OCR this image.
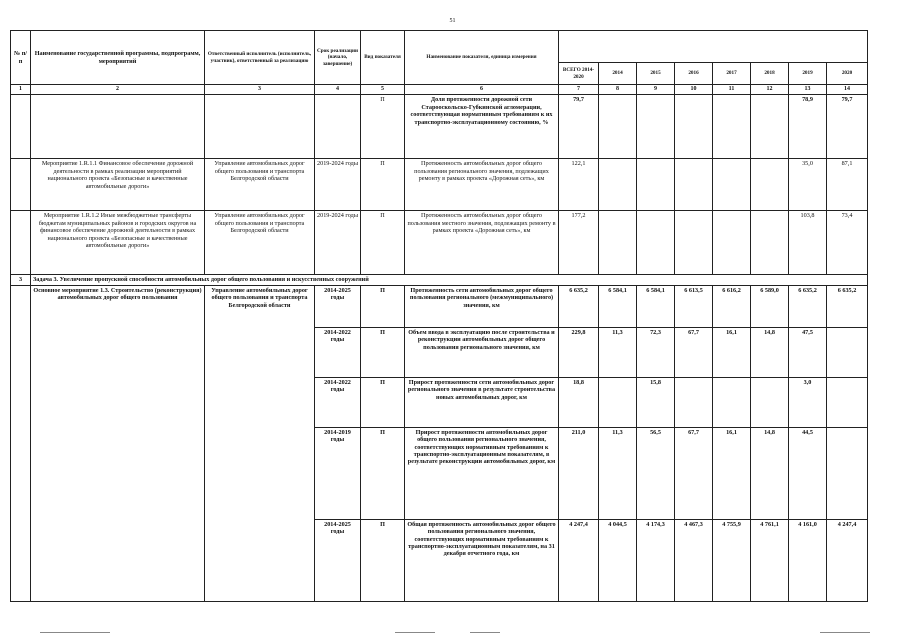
51
№ п/п	Наименование государственной программы, подпрограмм, мероприятий	Ответственный исполнитель (исполнитель, участник), ответственный за реализацию	Срок реализации (начало, завершение)	Вид показателя	Наименование показателя, единица измерения								
						ВСЕГО 2014-2020	2014	2015	2016	2017	2018	2019	2020
1	2	3	4	5	6	7	8	9	10	11	12	13	14
				П	Доля протяженности дорожной сети Старооскольско-Губкинской агломерации, соответствующая нормативным требованиям к их транспортно-эксплуатационному состоянию, %	79,7						78,9	79,7
	Мероприятие 1.R.1.1 Финансовое обеспечение дорожной деятельности в рамках реализации мероприятий национального проекта «Безопасные и качественные автомобильные дороги»	Управление автомобильных дорог общего пользования и транспорта Белгородской области	2019-2024 годы	П	Протяженность автомобильных дорог общего пользования регионального значения, подлежащих ремонту в рамках проекта «Дорожная сеть», км	122,1						35,0	87,1
	Мероприятие 1.R.1.2 Иные межбюджетные трансферты бюджетам муниципальных районов и городских округов на финансовое обеспечение дорожной деятельности в рамках национального проекта «Безопасные и качественные автомобильные дороги»	Управление автомобильных дорог общего пользования и транспорта Белгородской области	2019-2024 годы	П	Протяженность автомобильных дорог общего пользования местного значения, подлежащих ремонту в рамках проекта «Дорожная сеть», км	177,2						103,8	73,4
3	Задача 3. Увеличение пропускной способности автомобильных дорог общего пользования и искусственных сооружений												
	Основное мероприятие 1.3. Строительство (реконструкция) автомобильных дорог общего пользования	Управление автомобильных дорог общего пользования и транспорта Белгородской области	2014-2025 годы	П	Протяженность сети автомобильных дорог общего пользования регионального (межмуниципального) значения, км	6 635,2	6 584,1	6 584,1	6 613,5	6 616,2	6 589,0	6 635,2	6 635,2
			2014-2022 годы	П	Объем ввода в эксплуатацию после строительства и реконструкции автомобильных дорог общего пользования регионального значения, км	229,8	11,3	72,3	67,7	16,1	14,8	47,5	
			2014-2022 годы	П	Прирост протяженности сети автомобильных дорог регионального значения в результате строительства новых автомобильных дорог, км	18,8		15,8				3,0	
			2014-2019 годы	П	Прирост протяженности автомобильных дорог общего пользования регионального значения, соответствующих нормативным требованиям к транспортно-эксплуатационным показателям, в результате реконструкции автомобильных дорог, км	211,0	11,3	56,5	67,7	16,1	14,8	44,5	
			2014-2025 годы	П	Общая протяженность автомобильных дорог общего пользования регионального значения, соответствующих нормативным требованиям к транспортно-эксплуатационным показателям, на 31 декабря отчетного года, км	4 247,4	4 044,5	4 174,3	4 467,3	4 755,9	4 761,1	4 161,0	4 247,4
